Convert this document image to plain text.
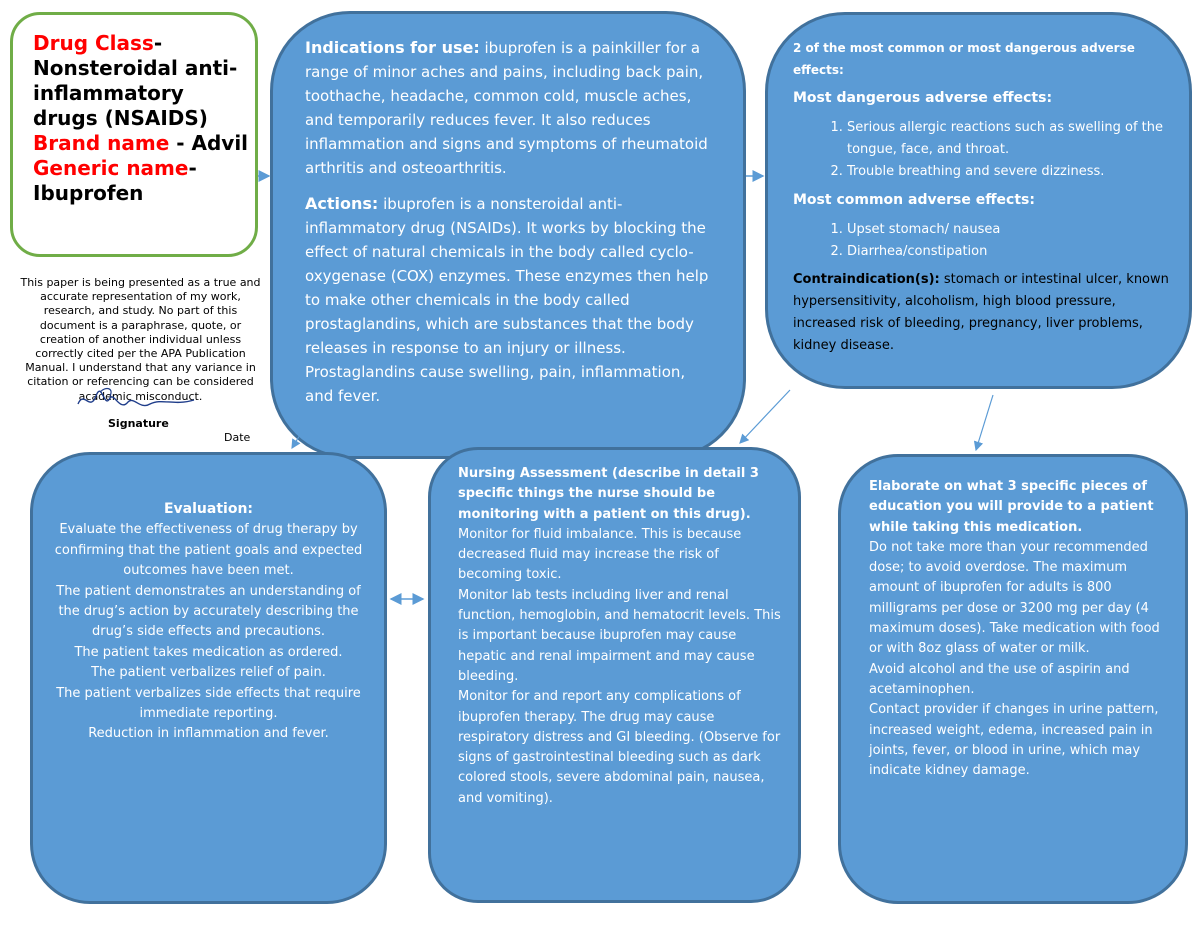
Drug Class- Nonsteroidal anti-inflammatory drugs (NSAIDS)
Brand name - Advil
Generic name- Ibuprofen
This paper is being presented as a true and accurate representation of my work, research, and study. No part of this document is a paraphrase, quote, or creation of another individual unless correctly cited per the APA Publication Manual. I understand that any variance in citation or referencing can be considered academic misconduct.
Signature
Date

Indications for use: ibuprofen is a painkiller for a range of minor aches and pains, including back pain, toothache, headache, common cold, muscle aches, and temporarily reduces fever. It also reduces inflammation and signs and symptoms of rheumatoid arthritis and osteoarthritis.

Actions: ibuprofen is a nonsteroidal anti-inflammatory drug (NSAIDs). It works by blocking the effect of natural chemicals in the body called cyclo-oxygenase (COX) enzymes. These enzymes then help to make other chemicals in the body called prostaglandins, which are substances that the body releases in response to an injury or illness. Prostaglandins cause swelling, pain, inflammation, and fever.

2 of the most common or most dangerous adverse effects:
Most dangerous adverse effects:
1. Serious allergic reactions such as swelling of the tongue, face, and throat.
2. Trouble breathing and severe dizziness.
Most common adverse effects:
1. Upset stomach/ nausea
2. Diarrhea/constipation
Contraindication(s): stomach or intestinal ulcer, known hypersensitivity, alcoholism, high blood pressure, increased risk of bleeding, pregnancy, liver problems, kidney disease.
Evaluation:
Evaluate the effectiveness of drug therapy by confirming that the patient goals and expected outcomes have been met.
The patient demonstrates an understanding of the drug’s action by accurately describing the drug’s side effects and precautions.
The patient takes medication as ordered.
The patient verbalizes relief of pain.
The patient verbalizes side effects that require immediate reporting.
Reduction in inflammation and fever.
Nursing Assessment (describe in detail 3 specific things the nurse should be monitoring with a patient on this drug).
Monitor for fluid imbalance. This is because decreased fluid may increase the risk of becoming toxic.
Monitor lab tests including liver and renal function, hemoglobin, and hematocrit levels. This is important because ibuprofen may cause hepatic and renal impairment and may cause bleeding.
Monitor for and report any complications of ibuprofen therapy. The drug may cause respiratory distress and GI bleeding. (Observe for signs of gastrointestinal bleeding such as dark colored stools, severe abdominal pain, nausea, and vomiting).
Elaborate on what 3 specific pieces of education you will provide to a patient while taking this medication.
Do not take more than your recommended dose; to avoid overdose. The maximum amount of ibuprofen for adults is 800 milligrams per dose or 3200 mg per day (4 maximum doses). Take medication with food or with 8oz glass of water or milk.
Avoid alcohol and the use of aspirin and acetaminophen.
Contact provider if changes in urine pattern, increased weight, edema, increased pain in joints, fever, or blood in urine, which may indicate kidney damage.
